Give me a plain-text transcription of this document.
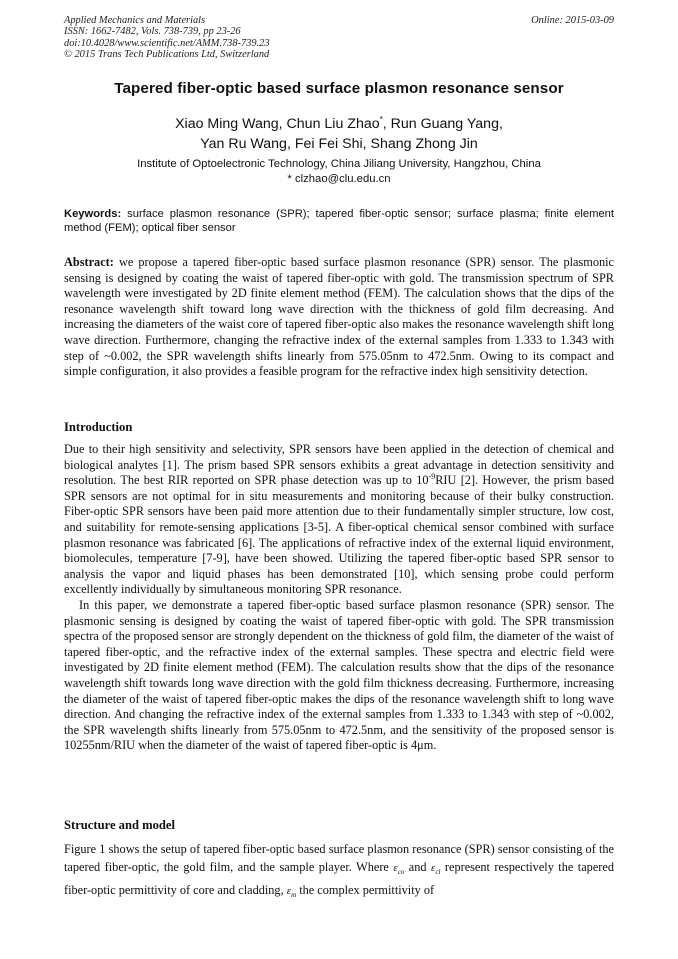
Applied Mechanics and Materials
ISSN: 1662-7482, Vols. 738-739, pp 23-26
doi:10.4028/www.scientific.net/AMM.738-739.23
© 2015 Trans Tech Publications Ltd, Switzerland
Online: 2015-03-09
Tapered fiber-optic based surface plasmon resonance sensor
Xiao Ming Wang, Chun Liu Zhao*, Run Guang Yang,
Yan Ru Wang, Fei Fei Shi, Shang Zhong Jin
Institute of Optoelectronic Technology, China Jiliang University, Hangzhou, China
* clzhao@clu.edu.cn
Keywords: surface plasmon resonance (SPR); tapered fiber-optic sensor; surface plasma; finite element method (FEM); optical fiber sensor
Abstract: we propose a tapered fiber-optic based surface plasmon resonance (SPR) sensor. The plasmonic sensing is designed by coating the waist of tapered fiber-optic with gold. The transmission spectrum of SPR wavelength were investigated by 2D finite element method (FEM). The calculation shows that the dips of the resonance wavelength shift toward long wave direction with the thickness of gold film decreasing. And increasing the diameters of the waist core of tapered fiber-optic also makes the resonance wavelength shift long wave direction. Furthermore, changing the refractive index of the external samples from 1.333 to 1.343 with step of ~0.002, the SPR wavelength shifts linearly from 575.05nm to 472.5nm. Owing to its compact and simple configuration, it also provides a feasible program for the refractive index high sensitivity detection.
Introduction

Due to their high sensitivity and selectivity, SPR sensors have been applied in the detection of chemical and biological analytes [1]. The prism based SPR sensors exhibits a great advantage in detection sensitivity and resolution. The best RIR reported on SPR phase detection was up to $10^{-9}RIU$ [2]. However, the prism based SPR sensors are not optimal for in situ measurements and monitoring because of their bulky construction. Fiber-optic SPR sensors have been paid more attention due to their fundamentally simpler structure, low cost, and suitability for remote-sensing applications [3-5]. A fiber-optical chemical sensor combined with surface plasmon resonance was fabricated [6]. The applications of refractive index of the external liquid environment, biomolecules, temperature [7-9], have been showed. Utilizing the tapered fiber-optic based SPR sensor to analysis the vapor and liquid phases has been demonstrated [10], which sensing probe could perform excellently individually by simultaneous monitoring SPR resonance.

In this paper, we demonstrate a tapered fiber-optic based surface plasmon resonance (SPR) sensor. The plasmonic sensing is designed by coating the waist of tapered fiber-optic with gold. The SPR transmission spectra of the proposed sensor are strongly dependent on the thickness of gold film, the diameter of the waist of tapered fiber-optic, and the refractive index of the external samples. These spectra and electric field were investigated by 2D finite element method (FEM). The calculation results show that the dips of the resonance wavelength shift towards long wave direction with the gold film thickness decreasing. Furthermore, increasing the diameter of the waist of tapered fiber-optic makes the dips of the resonance wavelength shift to long wave direction. And changing the refractive index of the external samples from 1.333 to 1.343 with step of ~0.002, the SPR wavelength shifts linearly from 575.05nm to 472.5nm, and the sensitivity of the proposed sensor is 10255nm/RIU when the diameter of the waist of tapered fiber-optic is 4μm.

Structure and model

Figure 1 shows the setup of tapered fiber-optic based surface plasmon resonance (SPR) sensor consisting of the tapered fiber-optic, the gold film, and the sample player. Where $\varepsilon_{co}$ and $\varepsilon_{cl}$ represent respectively the tapered fiber-optic permittivity of core and cladding, $\varepsilon_m$ the complex permittivity of
